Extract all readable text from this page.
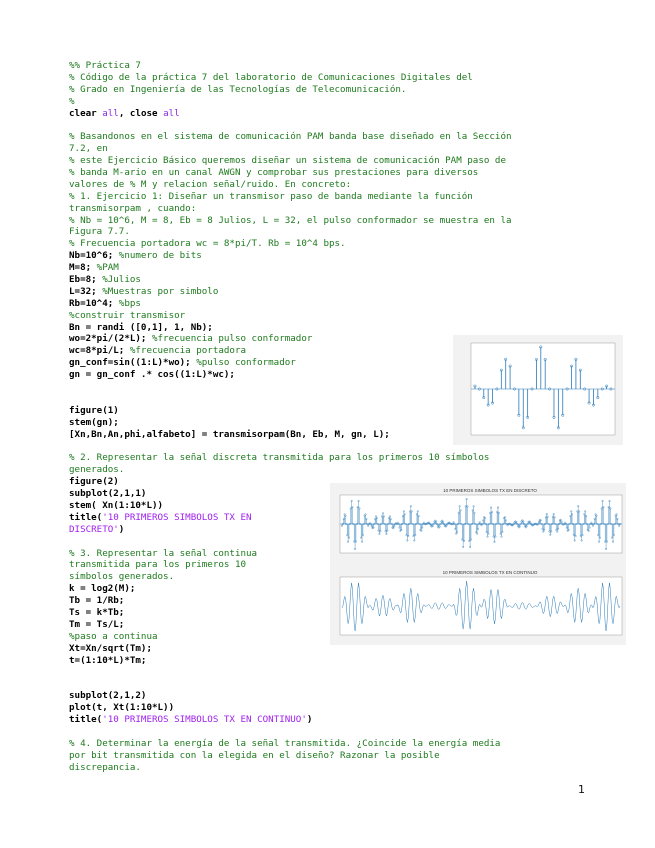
%% Práctica 7
% Código de la práctica 7 del laboratorio de Comunicaciones Digitales del
% Grado en Ingeniería de las Tecnologías de Telecomunicación.
%
clear all, close all
% Basandonos en el sistema de comunicación PAM banda base diseñado en la Sección
7.2, en
% este Ejercicio Básico queremos diseñar un sistema de comunicación PAM paso de
% banda M-ario en un canal AWGN y comprobar sus prestaciones para diversos
valores de % M y relacion señal/ruido. En concreto:
% 1. Ejercicio 1: Diseñar un transmisor paso de banda mediante la función
transmisorpam , cuando:
% Nb = 10^6, M = 8, Eb = 8 Julios, L = 32, el pulso conformador se muestra en la
Figura 7.7.
% Frecuencia portadora wc = 8*pi/T. Rb = 10^4 bps.
Nb=10^6; %numero de bits
M=8; %PAM
Eb=8; %Julios
L=32; %Muestras por simbolo
Rb=10^4; %bps
%construir transmisor
Bn = randi ([0,1], 1, Nb);
wo=2*pi/(2*L); %frecuencia pulso conformador
wc=8*pi/L; %frecuencia portadora
gn_conf=sin((1:L)*wo); %pulso conformador
gn = gn_conf .* cos((1:L)*wc);
figure(1)
stem(gn);
[Xn,Bn,An,phi,alfabeto] = transmisorpam(Bn, Eb, M, gn, L);
% 2. Representar la señal discreta transmitida para los primeros 10 símbolos
generados.
figure(2)
subplot(2,1,1)
stem( Xn(1:10*L))
title('10 PRIMEROS SIMBOLOS TX EN
DISCRETO')
% 3. Representar la señal continua
transmitida para los primeros 10
símbolos generados.
k = log2(M);
Tb = 1/Rb;
Ts = k*Tb;
Tm = Ts/L;
%paso a continua
Xt=Xn/sqrt(Tm);
t=(1:10*L)*Tm;
subplot(2,1,2)
plot(t, Xt(1:10*L))
title('10 PRIMEROS SIMBOLOS TX EN CONTINUO')
% 4. Determinar la energía de la señal transmitida. ¿Coincide la energía media
por bit transmitida con la elegida en el diseño? Razonar la posible
discrepancia.
10 PRIMEROS SIMBOLOS TX EN DISCRETO
10 PRIMEROS SIMBOLOS TX EN CONTINUO
1
